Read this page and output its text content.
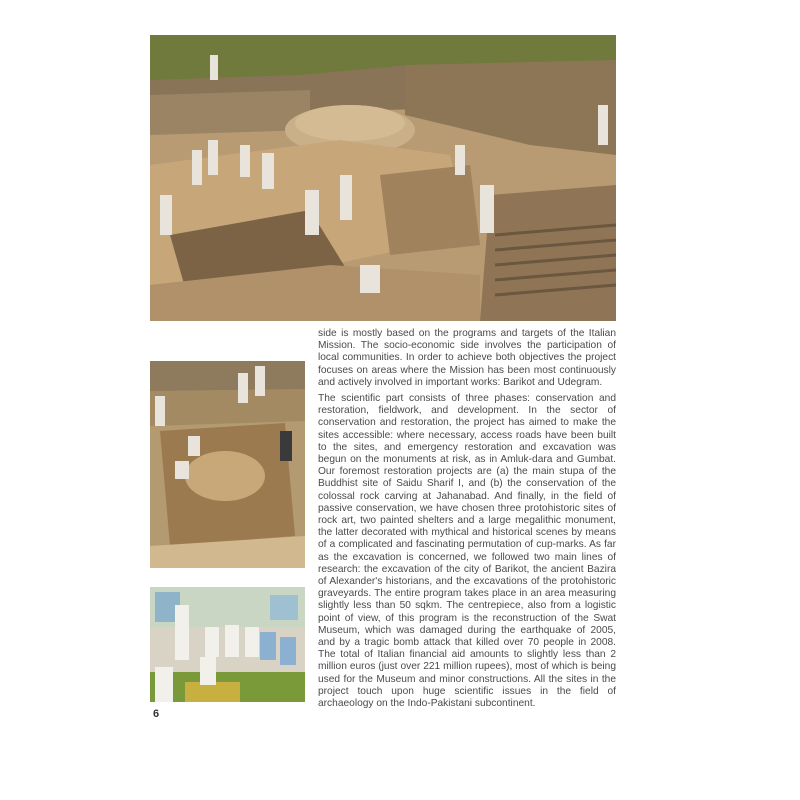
side is mostly based on the programs and targets of the Italian Mission. The socio-economic side involves the participation of local communities. In order to achieve both objectives the project focuses on areas where the Mission has been most continuously and actively involved in important works: Barikot and Udegram.

The scientific part consists of three phases: conservation and restoration, fieldwork, and development. In the sector of conservation and restoration, the project has aimed to make the sites accessible: where necessary, access roads have been built to the sites, and emergency restoration and excavation was begun on the monuments at risk, as in Amluk-dara and Gumbat. Our foremost restoration projects are (a) the main stupa of the Buddhist site of Saidu Sharif I, and (b) the conservation of the colossal rock carving at Jahanabad. And finally, in the field of passive conservation, we have chosen three protohistoric sites of rock art, two painted shelters and a large megalithic monument, the latter decorated with mythical and historical scenes by means of a complicated and fascinating permutation of cup-marks. As far as the excavation is concerned, we followed two main lines of research: the excavation of the city of Barikot, the ancient Bazira of Alexander's historians, and the excavations of the protohistoric graveyards. The entire program takes place in an area measuring slightly less than 50 sqkm. The centrepiece, also from a logistic point of view, of this program is the reconstruction of the Swat Museum, which was damaged during the earthquake of 2005, and by a tragic bomb attack that killed over 70 people in 2008. The total of Italian financial aid amounts to slightly less than 2 million euros (just over 221 million rupees), most of which is being used for the Museum and minor constructions. All the sites in the project touch upon huge scientific issues in the field of archaeology on the Indo-Pakistani subcontinent.

6
